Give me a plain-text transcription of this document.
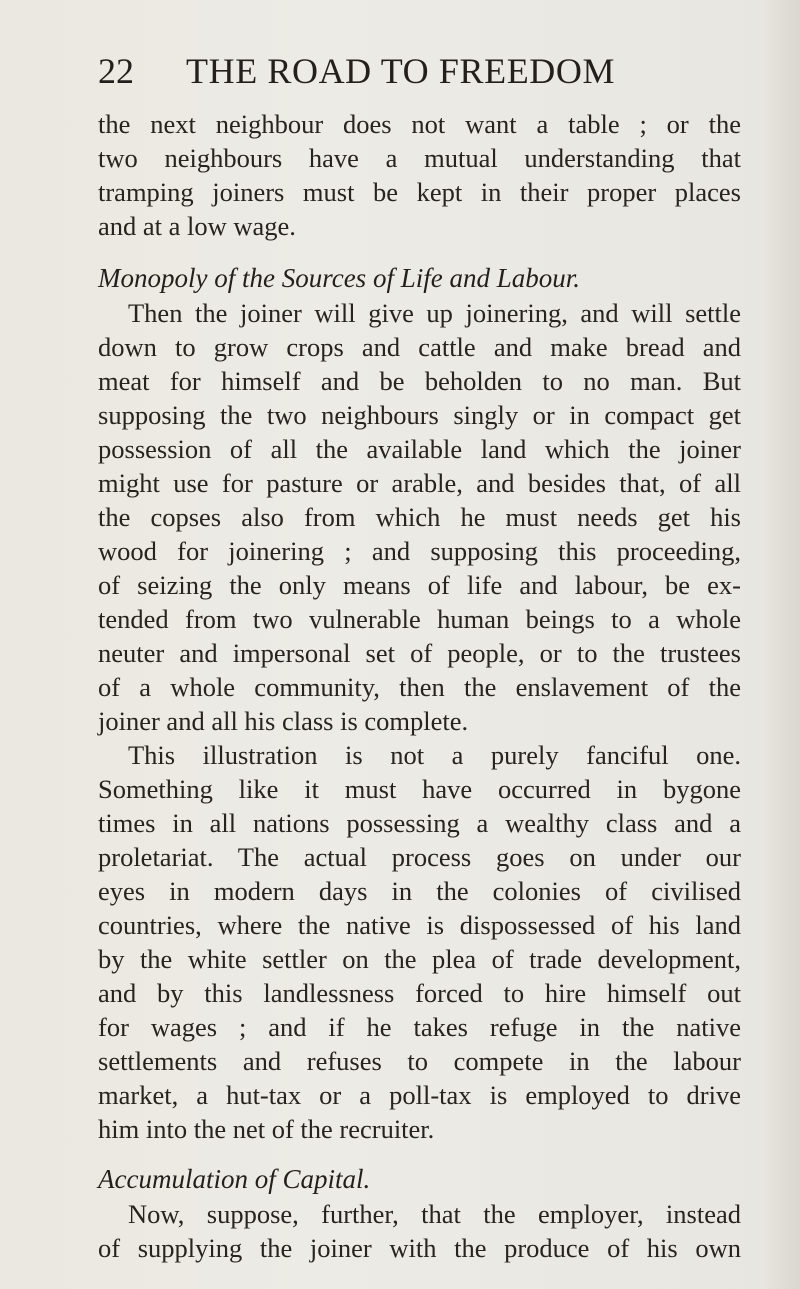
22 THE ROAD TO FREEDOM
the next neighbour does not want a table ; or the
two neighbours have a mutual understanding that
tramping joiners must be kept in their proper places
and at a low wage.
Monopoly of the Sources of Life and Labour.
Then the joiner will give up joinering, and will settle
down to grow crops and cattle and make bread and
meat for himself and be beholden to no man. But
supposing the two neighbours singly or in compact get
possession of all the available land which the joiner
might use for pasture or arable, and besides that, of all
the copses also from which he must needs get his
wood for joinering ; and supposing this proceeding,
of seizing the only means of life and labour, be ex-
tended from two vulnerable human beings to a whole
neuter and impersonal set of people, or to the trustees
of a whole community, then the enslavement of the
joiner and all his class is complete.
This illustration is not a purely fanciful one.
Something like it must have occurred in bygone
times in all nations possessing a wealthy class and a
proletariat. The actual process goes on under our
eyes in modern days in the colonies of civilised
countries, where the native is dispossessed of his land
by the white settler on the plea of trade development,
and by this landlessness forced to hire himself out
for wages ; and if he takes refuge in the native
settlements and refuses to compete in the labour
market, a hut-tax or a poll-tax is employed to drive
him into the net of the recruiter.
Accumulation of Capital.
Now, suppose, further, that the employer, instead
of supplying the joiner with the produce of his own
